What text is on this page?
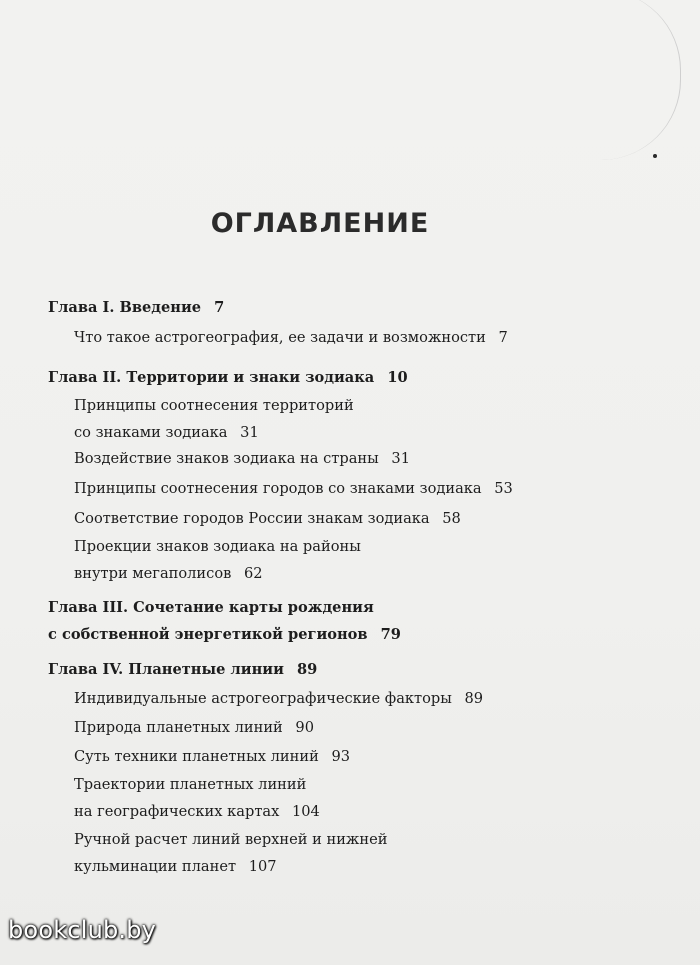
ОГЛАВЛЕНИЕ
Глава I. Введение 7
Что такое астрогеография, ее задачи и возможности 7
Глава II. Территории и знаки зодиака 10
Принципы соотнесения территорий
со знаками зодиака 31
Воздействие знаков зодиака на страны 31
Принципы соотнесения городов со знаками зодиака 53
Соответствие городов России знакам зодиака 58
Проекции знаков зодиака на районы
внутри мегаполисов 62
Глава III. Сочетание карты рождения
с собственной энергетикой регионов 79
Глава IV. Планетные линии 89
Индивидуальные астрогеографические факторы 89
Природа планетных линий 90
Суть техники планетных линий 93
Траектории планетных линий
на географических картах 104
Ручной расчет линий верхней и нижней
кульминации планет 107
bookclub.by
